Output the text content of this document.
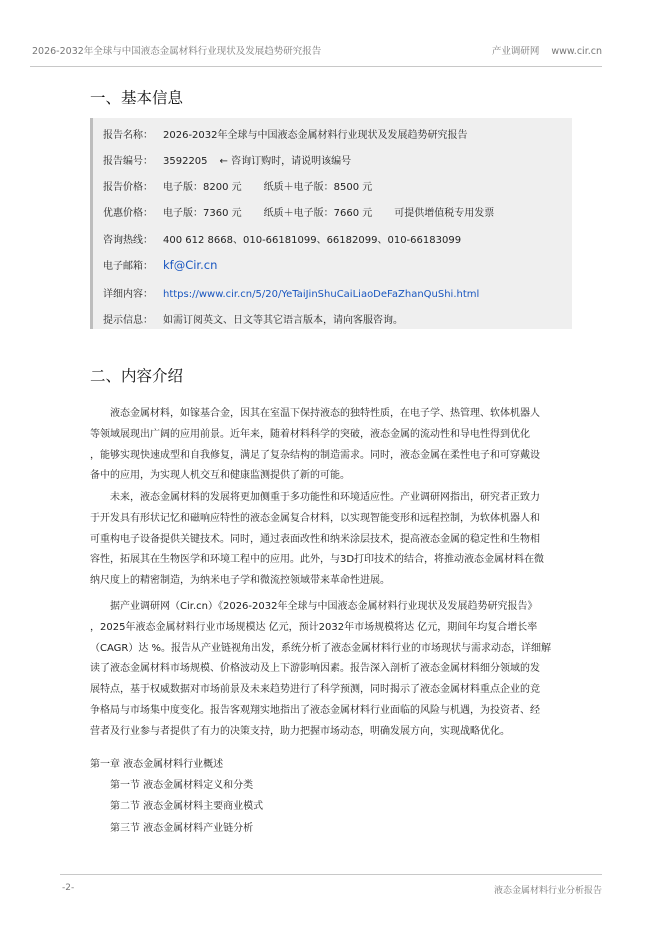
2026-2032年全球与中国液态金属材料行业现状及发展趋势研究报告	产业调研网 www.cir.cn
一、基本信息
报告名称： 2026-2032年全球与中国液态金属材料行业现状及发展趋势研究报告
报告编号： 3592205 ← 咨询订购时，请说明该编号
报告价格： 电子版：8200 元 纸质＋电子版：8500 元
优惠价格： 电子版：7360 元 纸质＋电子版：7660 元 可提供增值税专用发票
咨询热线： 400 612 8668、010-66181099、66182099、010-66183099
电子邮箱： kf@Cir.cn
详细内容： https://www.cir.cn/5/20/YeTaiJinShuCaiLiaoDeFaZhanQuShi.html
提示信息： 如需订阅英文、日文等其它语言版本，请向客服咨询。
二、内容介绍
　　液态金属材料，如镓基合金，因其在室温下保持液态的独特性质，在电子学、热管理、软体机器人
等领域展现出广阔的应用前景。近年来，随着材料科学的突破，液态金属的流动性和导电性得到优化
，能够实现快速成型和自我修复，满足了复杂结构的制造需求。同时，液态金属在柔性电子和可穿戴设
备中的应用，为实现人机交互和健康监测提供了新的可能。
　　未来，液态金属材料的发展将更加侧重于多功能性和环境适应性。产业调研网指出，研究者正致力
于开发具有形状记忆和磁响应特性的液态金属复合材料，以实现智能变形和远程控制，为软体机器人和
可重构电子设备提供关键技术。同时，通过表面改性和纳米涂层技术，提高液态金属的稳定性和生物相
容性，拓展其在生物医学和环境工程中的应用。此外，与3D打印技术的结合，将推动液态金属材料在微
纳尺度上的精密制造，为纳米电子学和微流控领域带来革命性进展。
　　据产业调研网（Cir.cn）《2026-2032年全球与中国液态金属材料行业现状及发展趋势研究报告》
，2025年液态金属材料行业市场规模达 亿元，预计2032年市场规模将达 亿元，期间年均复合增长率
（CAGR）达 %。报告从产业链视角出发，系统分析了液态金属材料行业的市场现状与需求动态，详细解
读了液态金属材料市场规模、价格波动及上下游影响因素。报告深入剖析了液态金属材料细分领域的发
展特点，基于权威数据对市场前景及未来趋势进行了科学预测，同时揭示了液态金属材料重点企业的竞
争格局与市场集中度变化。报告客观翔实地指出了液态金属材料行业面临的风险与机遇，为投资者、经
营者及行业参与者提供了有力的决策支持，助力把握市场动态，明确发展方向，实现战略优化。
第一章 液态金属材料行业概述
第一节 液态金属材料定义和分类
第二节 液态金属材料主要商业模式
第三节 液态金属材料产业链分析
-2-	液态金属材料行业分析报告
